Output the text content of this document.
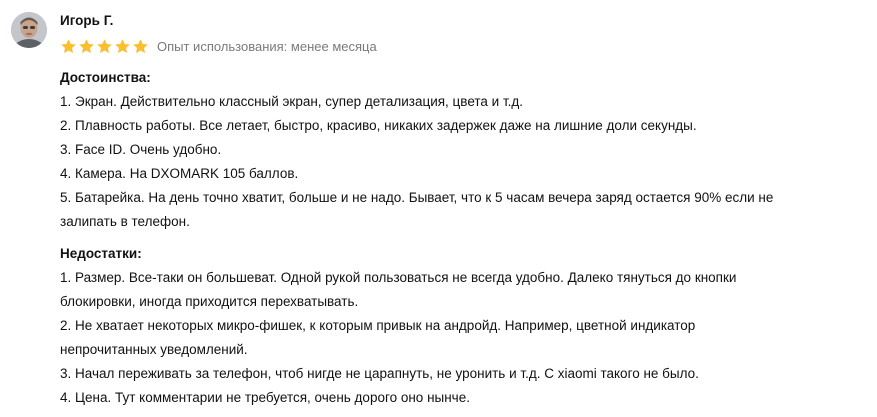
Игорь Г.
Опыт использования: менее месяца
Достоинства:
1. Экран. Действительно классный экран, супер детализация, цвета и т.д.
2. Плавность работы. Все летает, быстро, красиво, никаких задержек даже на лишние доли секунды.
3. Face ID. Очень удобно.
4. Камера. На DXOMARK 105 баллов.
5. Батарейка. На день точно хватит, больше и не надо. Бывает, что к 5 часам вечера заряд остается 90% если не
залипать в телефон.
Недостатки:
1. Размер. Все-таки он большеват. Одной рукой пользоваться не всегда удобно. Далеко тянуться до кнопки
блокировки, иногда приходится перехватывать.
2. Не хватает некоторых микро-фишек, к которым привык на андройд. Например, цветной индикатор
непрочитанных уведомлений.
3. Начал переживать за телефон, чтоб нигде не царапнуть, не уронить и т.д. С xiaomi такого не было.
4. Цена. Тут комментарии не требуется, очень дорого оно нынче.
